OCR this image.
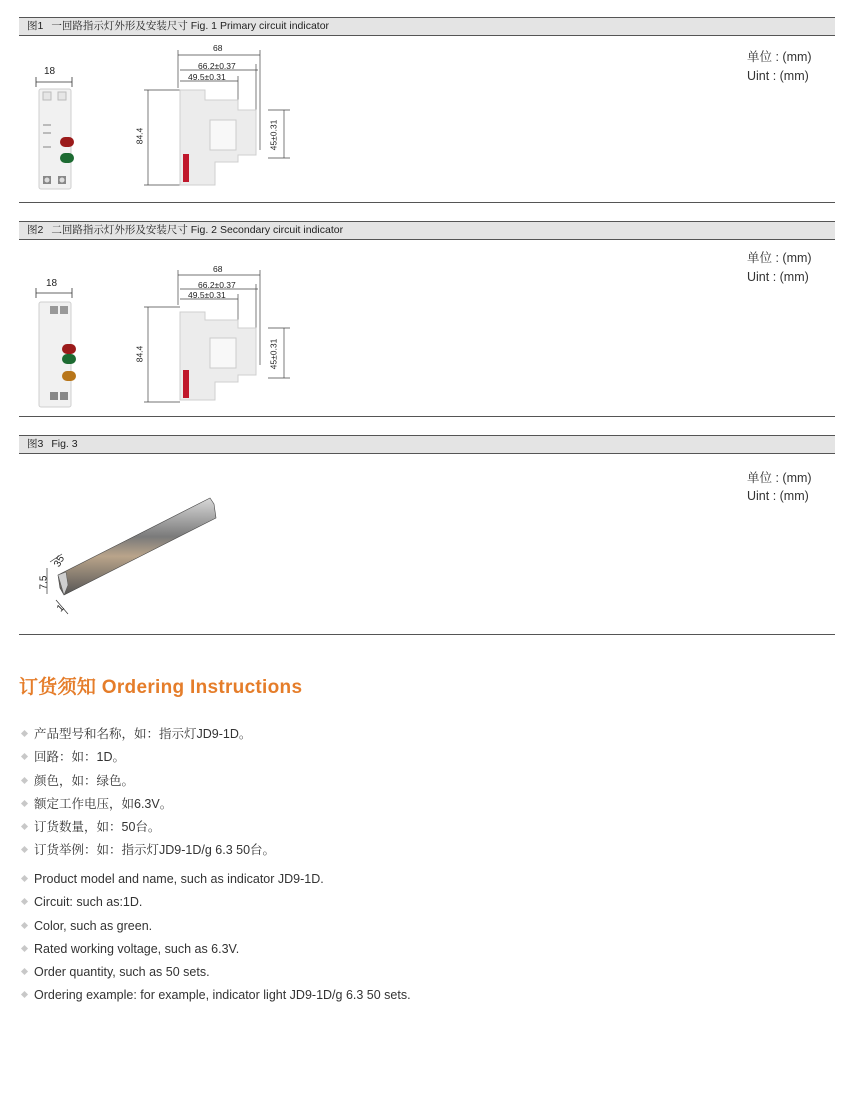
图1 一回路指示灯外形及安装尺寸 Fig. 1 Primary circuit indicator
单位 : (mm)
Uint : (mm)
18
68
66.2±0.37
49.5±0.31
84.4	45±0.31
图2 二回路指示灯外形及安装尺寸 Fig. 2 Secondary circuit indicator
单位 : (mm)
Uint : (mm)
18
68
66.2±0.37
49.5±0.31
84.4	45±0.31
图3 Fig. 3
单位 : (mm)
Uint : (mm)
35
7.5
1
订货须知 Ordering Instructions
产品型号和名称，如：指示灯JD9-1D。
回路：如：1D。
颜色，如：绿色。
额定工作电压，如6.3V。
订货数量，如：50台。
订货举例：如：指示灯JD9-1D/g 6.3 50台。
Product model and name, such as indicator JD9-1D.
Circuit: such as:1D.
Color, such as green.
Rated working voltage, such as 6.3V.
Order quantity, such as 50 sets.
Ordering example: for example, indicator light JD9-1D/g 6.3 50 sets.
